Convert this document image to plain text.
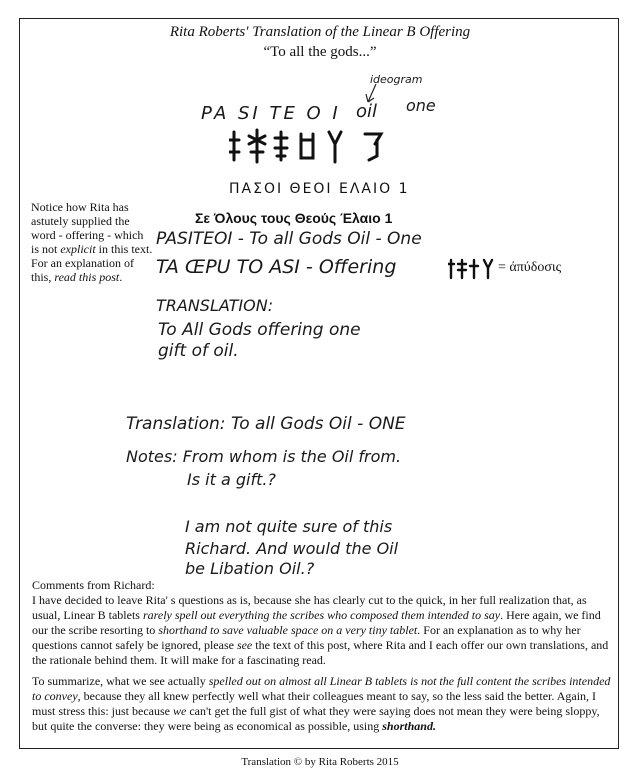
Rita Roberts' Translation of the Linear B Offering
“To all the gods...”
PA SI TE O I oil
ideogram
one
ΠΑΣΟΙ ΘΕΟΙ ΕΛΑΙΟ 1
Σε Όλους τους Θεούς Έλαιο 1
PASITEOI - To all Gods Oil - One
TA ŒPU TO ASI - Offering	= άπύδοσις
TRANSLATION:
To All Gods offering one
gift of oil.
Translation: To all Gods Oil - ONE
Notes: From whom is the Oil from.
Is it a gift.?
I am not quite sure of this
Richard. And would the Oil
be Libation Oil.?
Notice how Rita has astutely supplied the word - offering - which is not explicit in this text. For an explanation of this, read this post.

Comments from Richard:

I have decided to leave Rita' s questions as is, because she has clearly cut to the quick, in her full realization that, as usual, Linear B tablets rarely spell out everything the scribes who composed them intended to say. Here again, we find our the scribe resorting to shorthand to save valuable space on a very tiny tablet. For an explanation as to why her questions cannot safely be ignored, please see the text of this post, where Rita and I each offer our own translations, and the rationale behind them. It will make for a fascinating read.

To summarize, what we see actually spelled out on almost all Linear B tablets is not the full content the scribes intended to convey, because they all knew perfectly well what their colleagues meant to say, so the less said the better. Again, I must stress this: just because we can't get the full gist of what they were saying does not mean they were being sloppy, but quite the converse: they were being as economical as possible, using shorthand.

Translation © by Rita Roberts 2015
